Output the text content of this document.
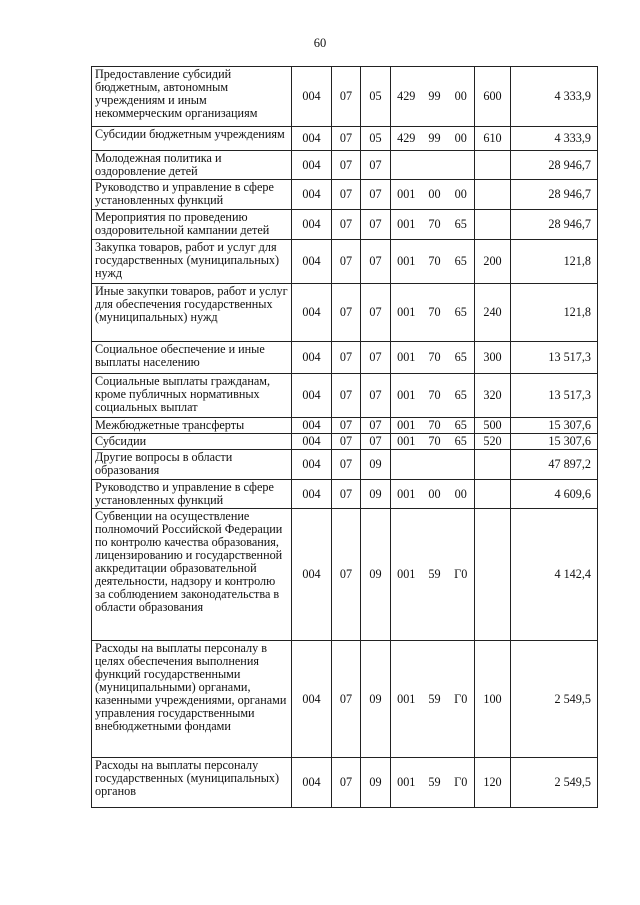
60
Предоставление субсидий бюджетным, автономным учреждениям и иным некоммерческим организациям	004	07	05	429	99	00	600	4 333,9
Субсидии бюджетным учреждениям	004	07	05	429	99	00	610	4 333,9
Молодежная политика и оздоровление детей	004	07	07					28 946,7
Руководство и управление в сфере установленных функций	004	07	07	001	00	00		28 946,7
Мероприятия по проведению оздоровительной кампании детей	004	07	07	001	70	65		28 946,7
Закупка товаров, работ и услуг для государственных (муниципальных) нужд	004	07	07	001	70	65	200	121,8
Иные закупки товаров, работ и услуг для обеспечения государственных (муниципальных) нужд	004	07	07	001	70	65	240	121,8
Социальное обеспечение и иные выплаты населению	004	07	07	001	70	65	300	13 517,3
Социальные выплаты гражданам, кроме публичных нормативных социальных выплат	004	07	07	001	70	65	320	13 517,3
Межбюджетные трансферты	004	07	07	001	70	65	500	15 307,6
Субсидии	004	07	07	001	70	65	520	15 307,6
Другие вопросы в области образования	004	07	09					47 897,2
Руководство и управление в сфере установленных функций	004	07	09	001	00	00		4 609,6
Субвенции на осуществление полномочий Российской Федерации по контролю качества образования, лицензированию и государственной аккредитации образовательной деятельности, надзору и контролю за соблюдением законодательства в области образования	004	07	09	001	59	Г0		4 142,4
Расходы на выплаты персоналу в целях обеспечения выполнения функций государственными (муниципальными) органами, казенными учреждениями, органами управления государственными внебюджетными фондами	004	07	09	001	59	Г0	100	2 549,5
Расходы на выплаты персоналу государственных (муниципальных) органов	004	07	09	001	59	Г0	120	2 549,5
